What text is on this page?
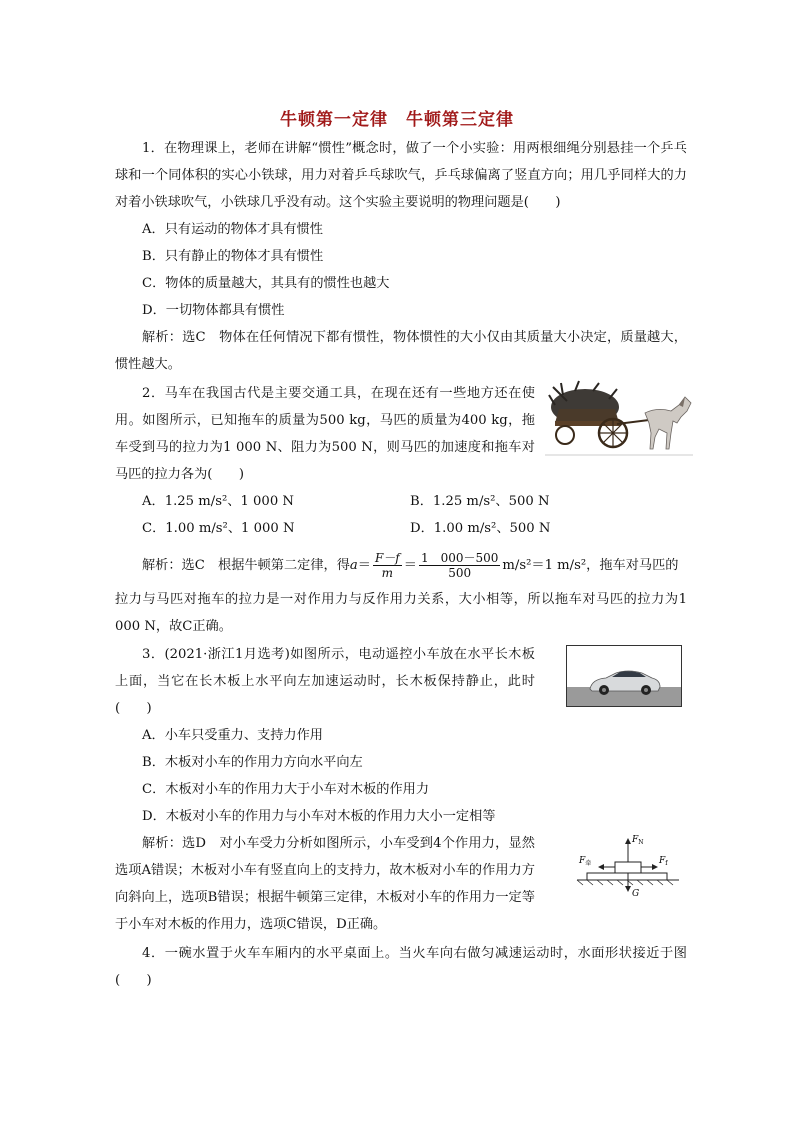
牛顿第一定律　牛顿第三定律

1．在物理课上，老师在讲解“惯性”概念时，做了一个小实验：用两根细绳分别悬挂一个乒乓球和一个同体积的实心小铁球，用力对着乒乓球吹气，乒乓球偏离了竖直方向；用几乎同样大的力对着小铁球吹气，小铁球几乎没有动。这个实验主要说明的物理问题是(　　)

A．只有运动的物体才具有惯性

B．只有静止的物体才具有惯性

C．物体的质量越大，其具有的惯性也越大

D．一切物体都具有惯性

解析：选C　物体在任何情况下都有惯性，物体惯性的大小仅由其质量大小决定，质量越大，惯性越大。

2．马车在我国古代是主要交通工具，在现在还有一些地方还在使用。如图所示，已知拖车的质量为500 kg，马匹的质量为400 kg，拖车受到马的拉力为1 000 N、阻力为500 N，则马匹的加速度和拖车对马匹的拉力各为(　　)

A．1.25 m/s²、1 000 N	B．1.25 m/s²、500 N

C．1.00 m/s²、1 000 N	D．1.00 m/s²、500 N

解析：选C　根据牛顿第二定律，得$a= \frac{F-f}{m} = \frac{1 000-500}{500} m/s^2=1$ m/s²，拖车对马匹的

拉力与马匹对拖车的拉力是一对作用力与反作用力关系，大小相等，所以拖车对马匹的拉力为1 000 N，故C正确。

3．(2021·浙江1月选考)如图所示，电动遥控小车放在水平长木板上面，当它在长木板上水平向左加速运动时，长木板保持静止，此时(　　)

A．小车只受重力、支持力作用

B．木板对小车的作用力方向水平向左

C．木板对小车的作用力大于小车对木板的作用力

D．木板对小车的作用力与小车对木板的作用力大小一定相等

解析：选D　对小车受力分析如图所示，小车受到4个作用力，显然选项A错误；木板对小车有竖直向上的支持力，故木板对小车的作用力方向斜向上，选项B错误；根据牛顿第三定律，木板对小车的作用力一定等于小车对木板的作用力，选项C错误，D正确。

$F_N$
$F_牵$	$F_f$
G

4．一碗水置于火车车厢内的水平桌面上。当火车向右做匀减速运动时，水面形状接近于图(　　)
